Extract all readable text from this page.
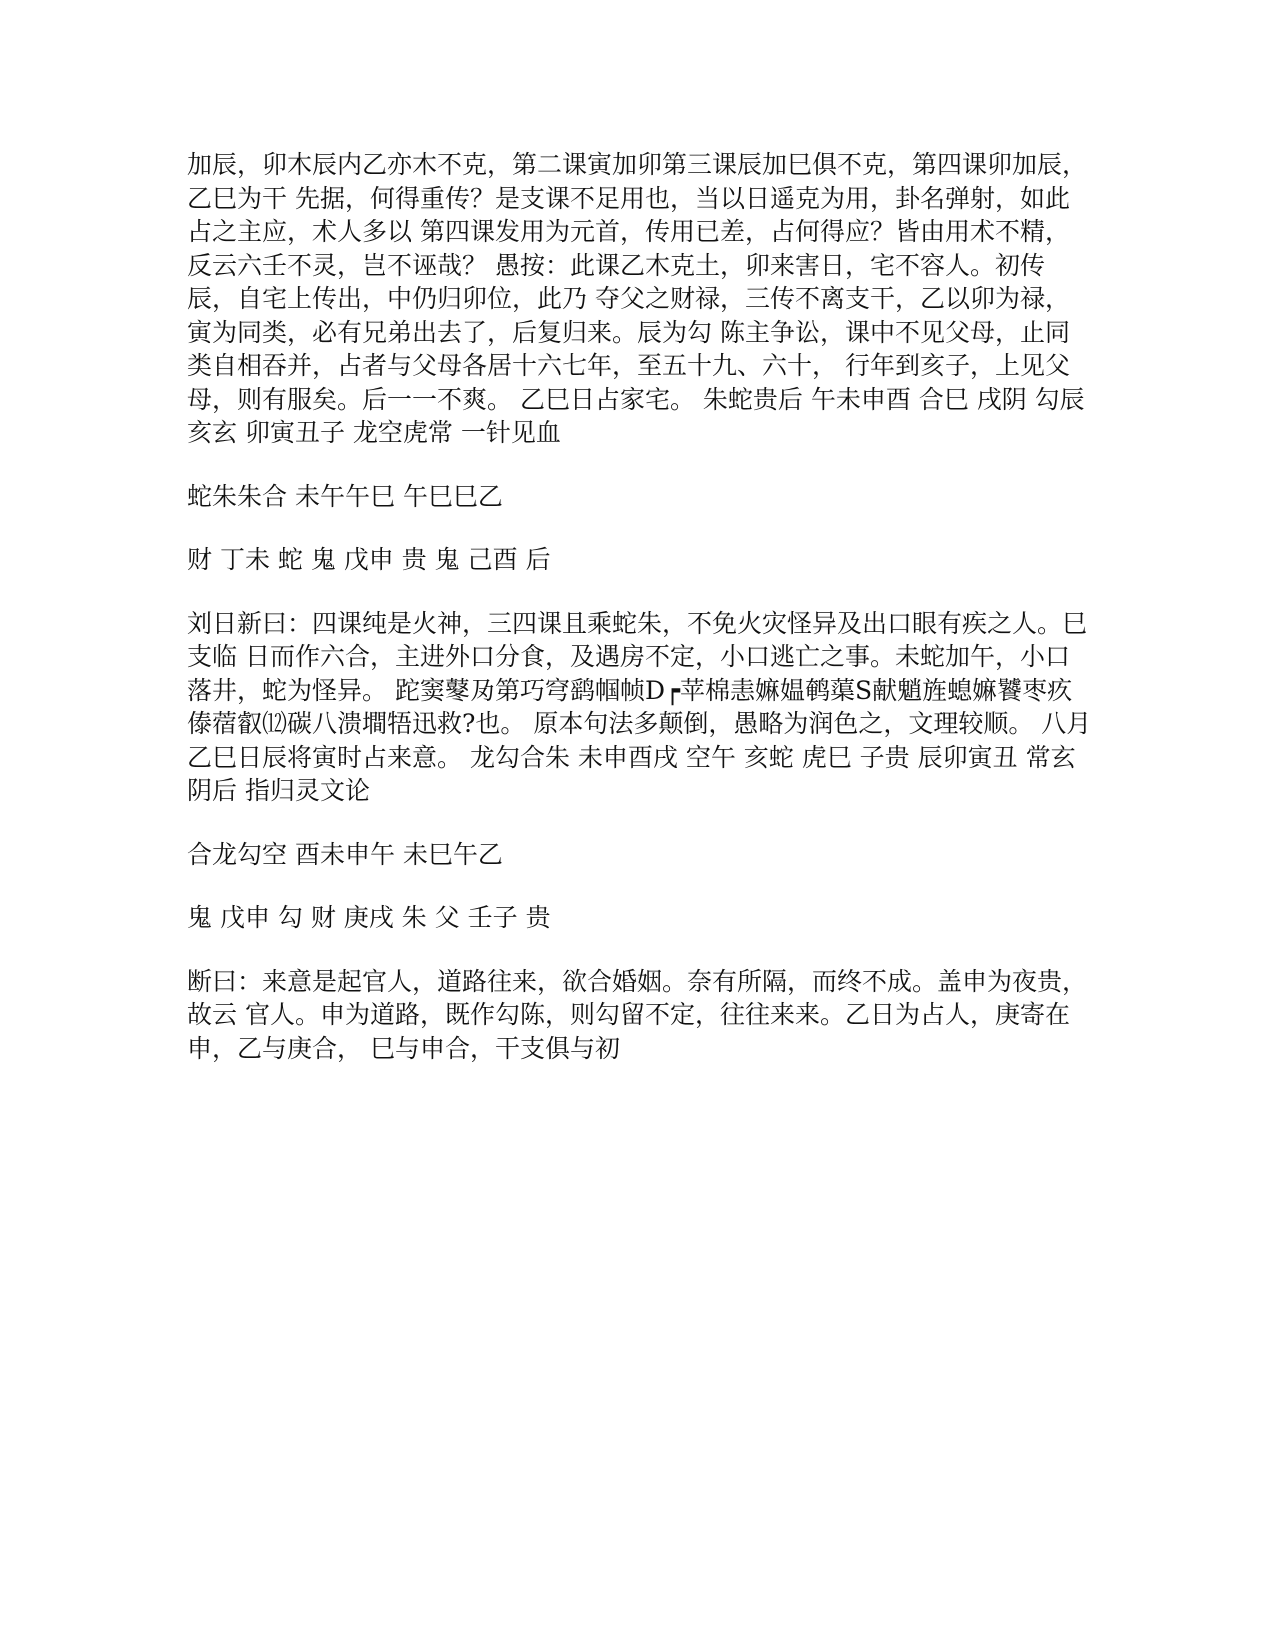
加辰，卯木辰内乙亦木不克，第二课寅加卯第三课辰加巳俱不克，第四课卯加辰，乙巳为干 先据，何得重传？是支课不足用也，当以日遥克为用，卦名弹射，如此占之主应，术人多以 第四课发用为元首，传用已差，占何得应？皆由用术不精，反云六壬不灵，岂不诬哉？ 愚按：此课乙木克土，卯来害日，宅不容人。初传辰，自宅上传出，中仍归卯位，此乃 夺父之财禄，三传不离支干，乙以卯为禄，寅为同类，必有兄弟出去了，后复归来。辰为勾 陈主争讼，课中不见父母，止同类自相吞并，占者与父母各居十六七年，至五十九、六十， 行年到亥子，上见父母，则有服矣。后一一不爽。 乙巳日占家宅。 朱蛇贵后 午未申酉 合巳 戌阴 勾辰 亥玄 卯寅丑子 龙空虎常 一针见血

蛇朱朱合 未午午巳 午巳巳乙

财 丁未 蛇 鬼 戊申 贵 鬼 己酉 后

刘日新曰：四课纯是火神，三四课且乘蛇朱，不免火灾怪异及出口眼有疾之人。巳支临 日而作六合，主进外口分食，及遇房不定，小口逃亡之事。未蛇加午，小口落井，蛇为怪异。 跎窦鼕夃第巧穹鹞帼帧D┍苹棉恚嫲媪鹌蕖S献魈旌螅嫲饕枣疚傣蓿叡⑿碳八溃墹牾迅救?也。 原本句法多颠倒，愚略为润色之，文理较顺。 八月乙巳日辰将寅时占来意。 龙勾合朱 未申酉戌 空午 亥蛇 虎巳 子贵 辰卯寅丑 常玄阴后 指归灵文论

合龙勾空 酉未申午 未巳午乙

鬼 戊申 勾 财 庚戌 朱 父 壬子 贵

断曰：来意是起官人，道路往来，欲合婚姻。奈有所隔，而终不成。盖申为夜贵，故云 官人。申为道路，既作勾陈，则勾留不定，往往来来。乙日为占人，庚寄在申，乙与庚合， 巳与申合，干支俱与初
